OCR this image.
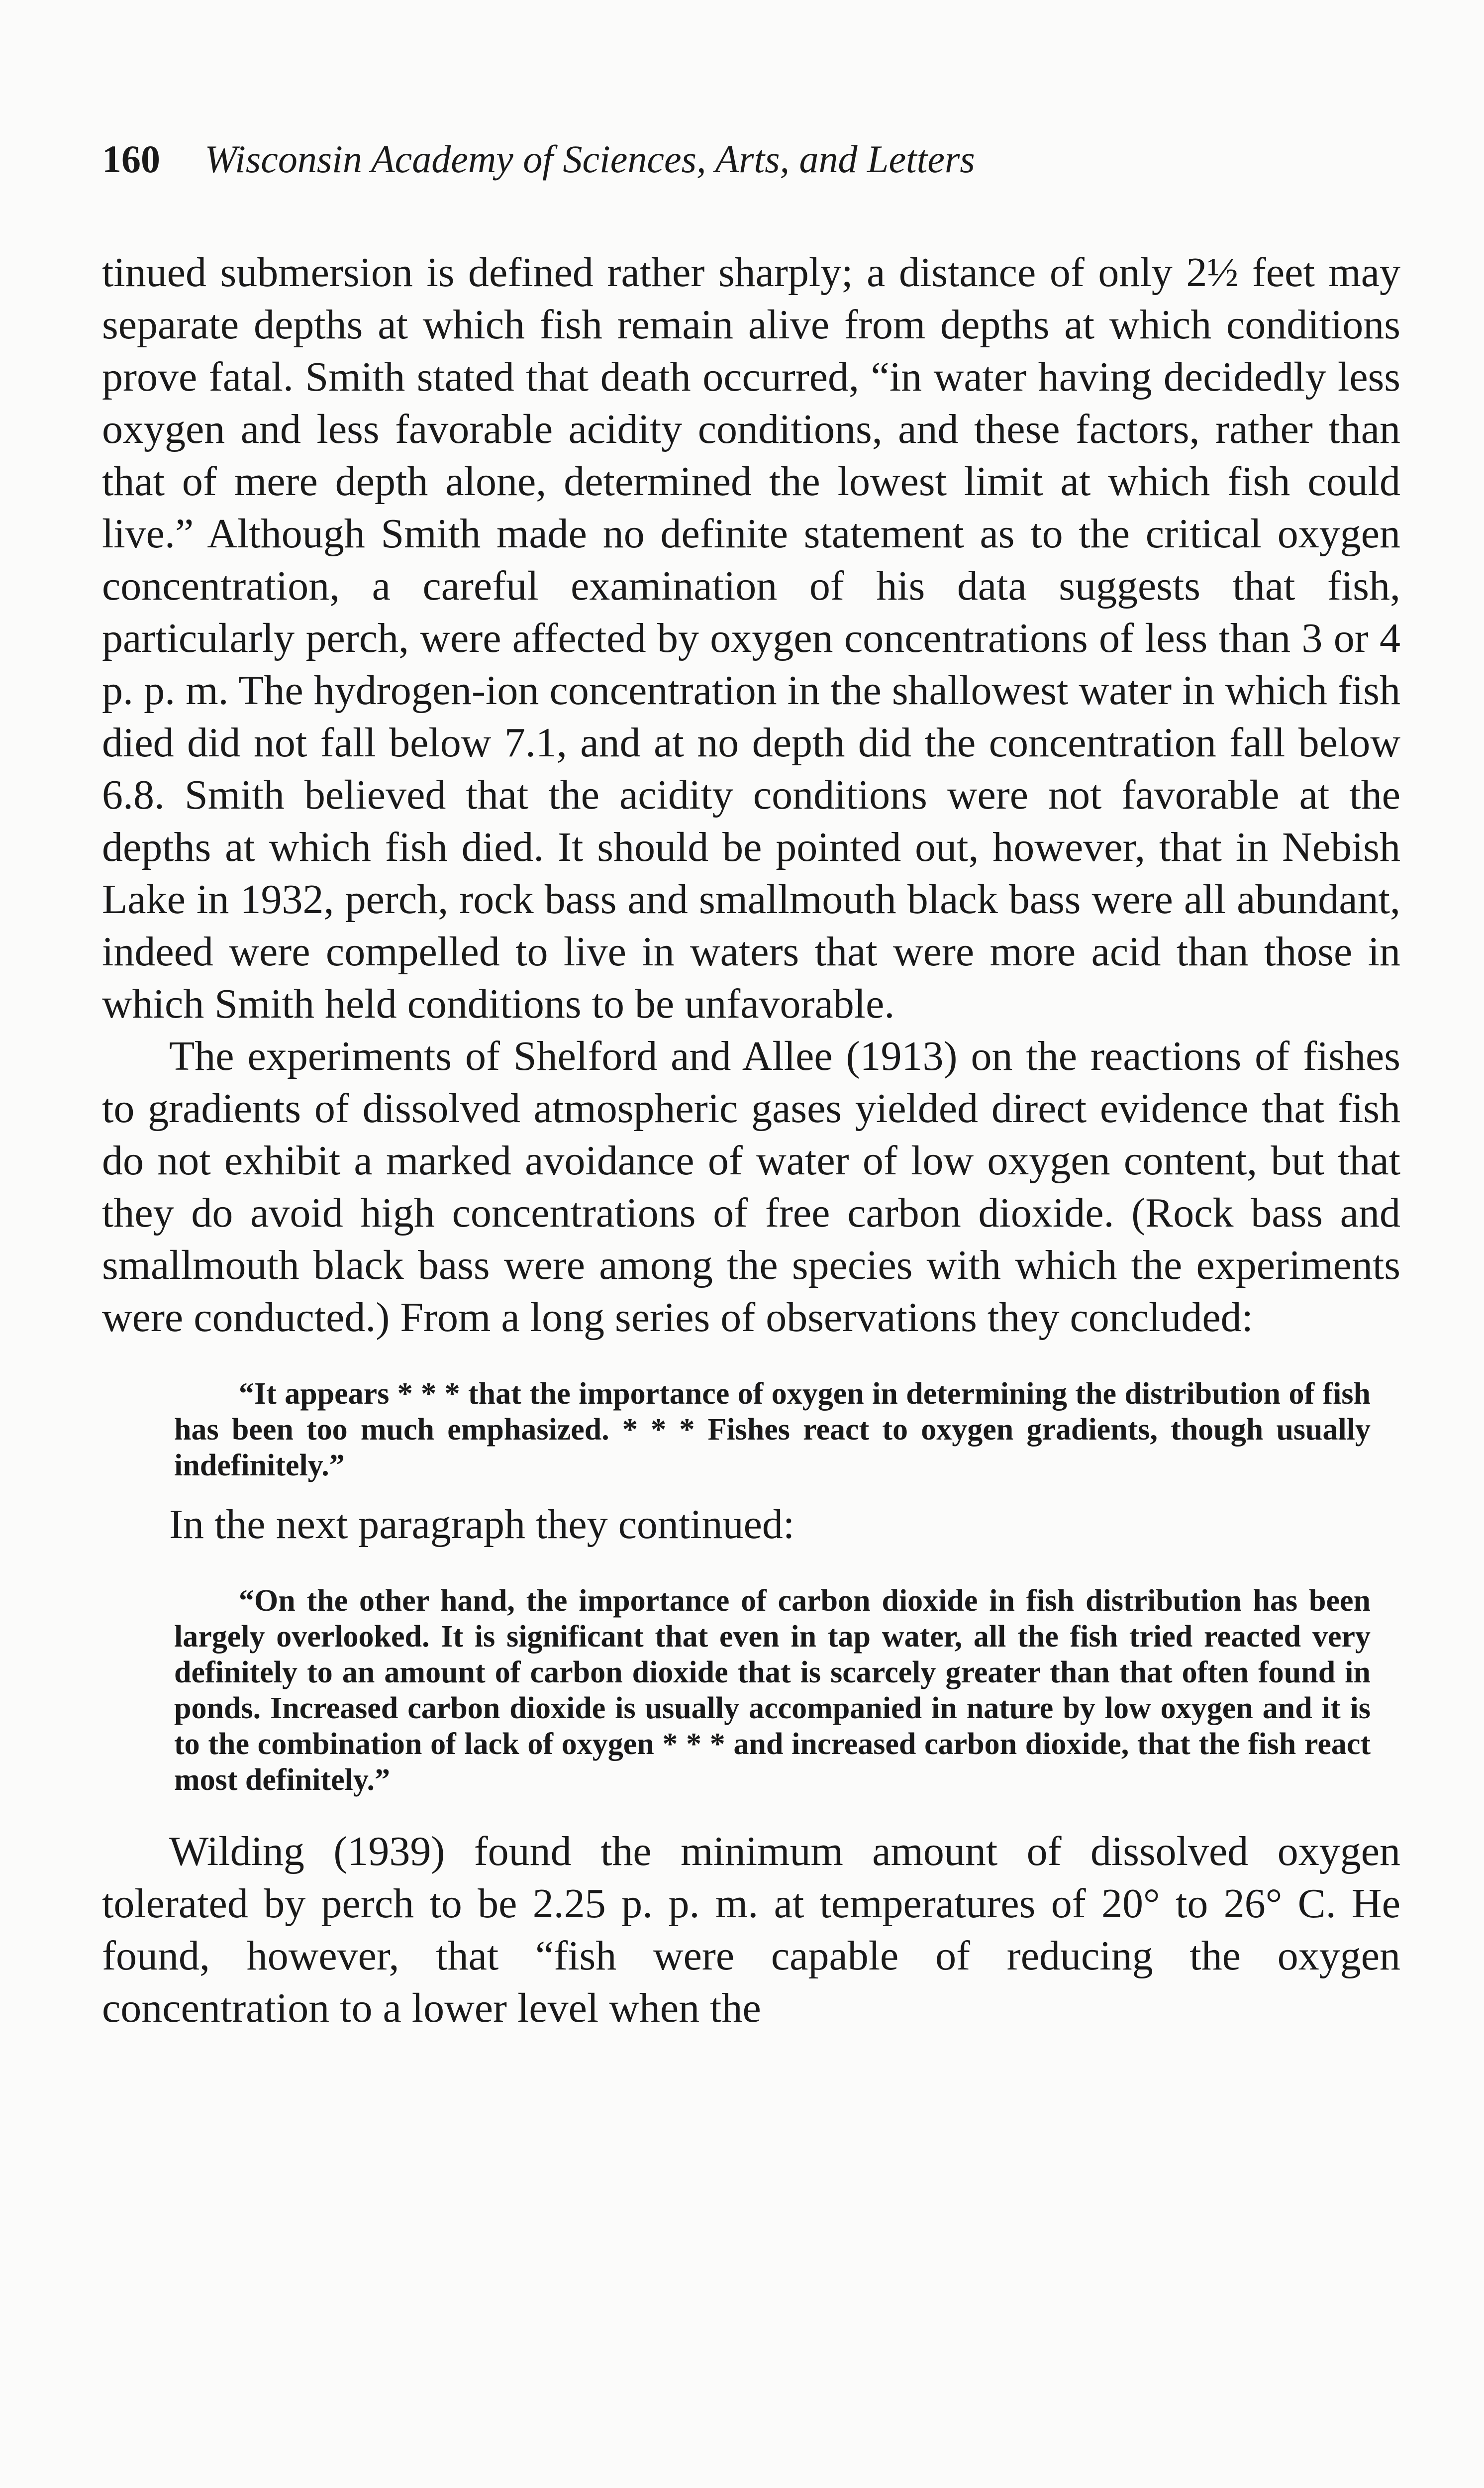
160 Wisconsin Academy of Sciences, Arts, and Letters

tinued submersion is defined rather sharply; a distance of only 2½ feet may separate depths at which fish remain alive from depths at which conditions prove fatal. Smith stated that death occurred, “in water having decidedly less oxygen and less favorable acidity conditions, and these factors, rather than that of mere depth alone, determined the lowest limit at which fish could live.” Although Smith made no definite statement as to the critical oxygen concentration, a careful examination of his data suggests that fish, particularly perch, were affected by oxygen concentrations of less than 3 or 4 p. p. m. The hydrogen-ion concentration in the shallowest water in which fish died did not fall below 7.1, and at no depth did the concentration fall below 6.8. Smith believed that the acidity conditions were not favorable at the depths at which fish died. It should be pointed out, however, that in Nebish Lake in 1932, perch, rock bass and smallmouth black bass were all abundant, indeed were compelled to live in waters that were more acid than those in which Smith held conditions to be unfavorable.

The experiments of Shelford and Allee (1913) on the reactions of fishes to gradients of dissolved atmospheric gases yielded direct evidence that fish do not exhibit a marked avoidance of water of low oxygen content, but that they do avoid high concentrations of free carbon dioxide. (Rock bass and smallmouth black bass were among the species with which the experiments were conducted.) From a long series of observations they concluded:

“It appears * * * that the importance of oxygen in determining the distribution of fish has been too much emphasized. * * * Fishes react to oxygen gradients, though usually indefinitely.”

In the next paragraph they continued:

“On the other hand, the importance of carbon dioxide in fish distribution has been largely overlooked. It is significant that even in tap water, all the fish tried reacted very definitely to an amount of carbon dioxide that is scarcely greater than that often found in ponds. Increased carbon dioxide is usually accompanied in nature by low oxygen and it is to the combination of lack of oxygen * * * and increased carbon dioxide, that the fish react most definitely.”

Wilding (1939) found the minimum amount of dissolved oxygen tolerated by perch to be 2.25 p. p. m. at temperatures of 20° to 26° C. He found, however, that “fish were capable of reducing the oxygen concentration to a lower level when the
